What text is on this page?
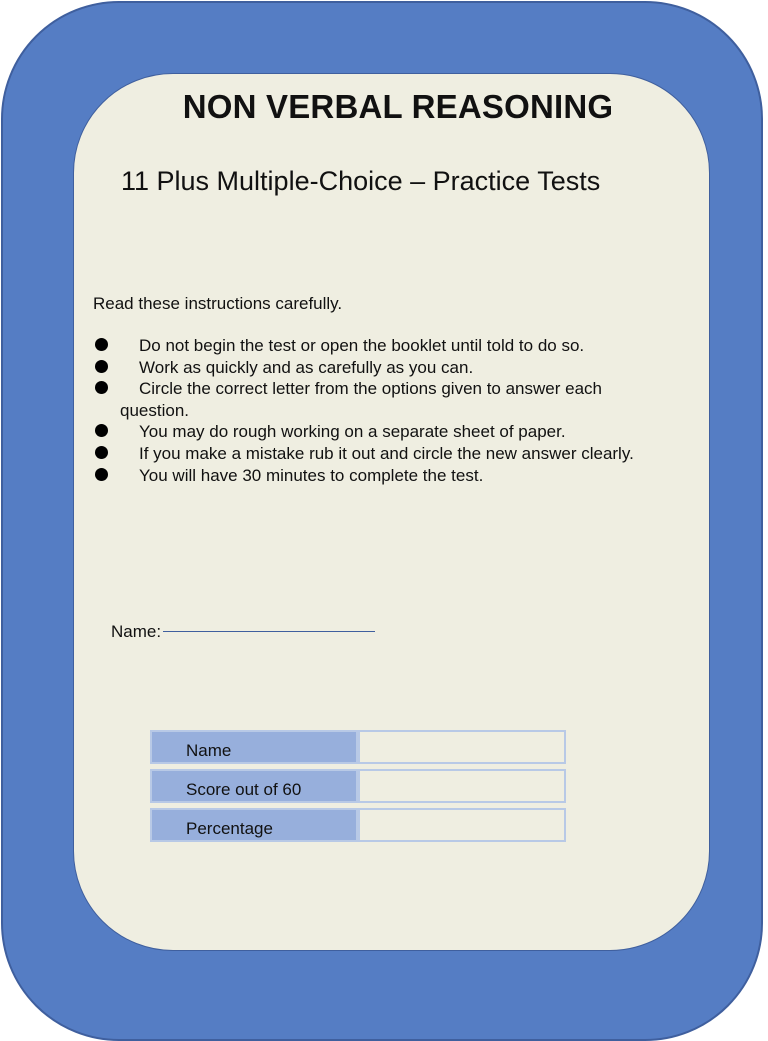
NON VERBAL REASONING
11 Plus Multiple-Choice – Practice Tests
Read these instructions carefully.
Do not begin the test or open the booklet until told to do so.
Work as quickly and as carefully as you can.
Circle the correct letter from the options given to answer each
question.
You may do rough working on a separate sheet of paper.
If you make a mistake rub it out and circle the new answer clearly.
You will have 30 minutes to complete the test.
Name:
Name
Score out of 60
Percentage
